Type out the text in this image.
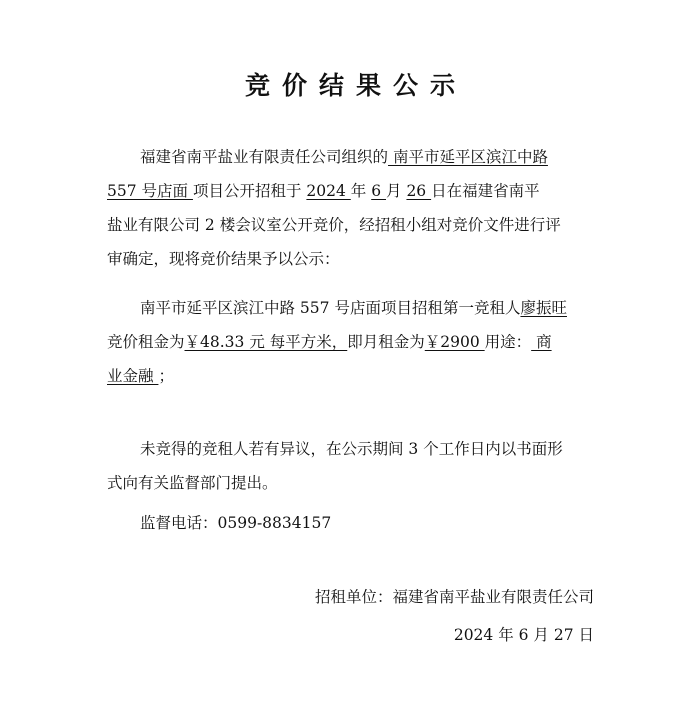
竞价结果公示
福建省南平盐业有限责任公司组织的 南平市延平区滨江中路
557 号店面 项目公开招租于 2024 年 6 月 26 日在福建省南平
盐业有限公司 2 楼会议室公开竞价，经招租小组对竞价文件进行评
审确定，现将竞价结果予以公示：
南平市延平区滨江中路 557 号店面项目招租第一竞租人廖振旺
竞价租金为￥48.33 元 每平方米，即月租金为￥2900 用途： 商
业金融 ；
未竞得的竞租人若有异议，在公示期间 3 个工作日内以书面形
式向有关监督部门提出。
监督电话：0599-8834157
招租单位：福建省南平盐业有限责任公司
2024 年 6 月 27 日
